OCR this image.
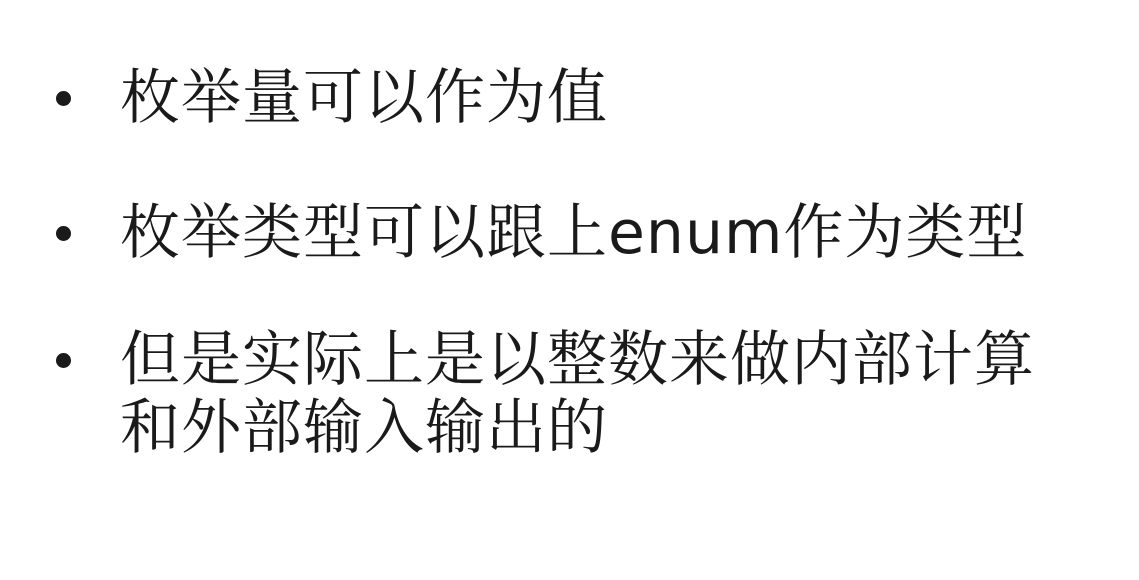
枚举量可以作为值
枚举类型可以跟上enum作为类型
但是实际上是以整数来做内部计算
和外部输入输出的
